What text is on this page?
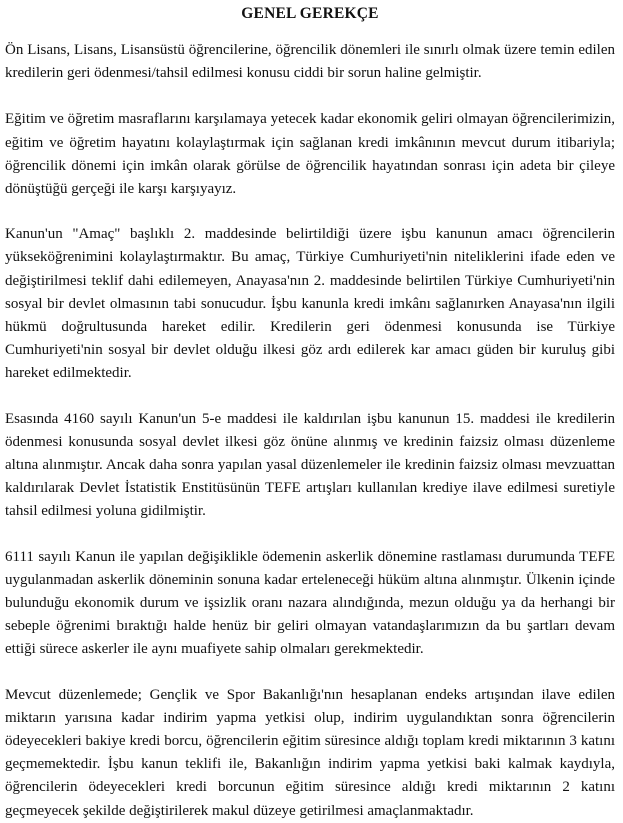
GENEL GEREKÇE

Ön Lisans, Lisans, Lisansüstü öğrencilerine, öğrencilik dönemleri ile sınırlı olmak üzere temin edilen kredilerin geri ödenmesi/tahsil edilmesi konusu ciddi bir sorun haline gelmiştir.

Eğitim ve öğretim masraflarını karşılamaya yetecek kadar ekonomik geliri olmayan öğrencilerimizin, eğitim ve öğretim hayatını kolaylaştırmak için sağlanan kredi imkânının mevcut durum itibariyla; öğrencilik dönemi için imkân olarak görülse de öğrencilik hayatından sonrası için adeta bir çileye dönüştüğü gerçeği ile karşı karşıyayız.

Kanun'un "Amaç" başlıklı 2. maddesinde belirtildiği üzere işbu kanunun amacı öğrencilerin yükseköğrenimini kolaylaştırmaktır. Bu amaç, Türkiye Cumhuriyeti'nin niteliklerini ifade eden ve değiştirilmesi teklif dahi edilemeyen, Anayasa'nın 2. maddesinde belirtilen Türkiye Cumhuriyeti'nin sosyal bir devlet olmasının tabi sonucudur. İşbu kanunla kredi imkânı sağlanırken Anayasa'nın ilgili hükmü doğrultusunda hareket edilir. Kredilerin geri ödenmesi konusunda ise Türkiye Cumhuriyeti'nin sosyal bir devlet olduğu ilkesi göz ardı edilerek kar amacı güden bir kuruluş gibi hareket edilmektedir.

Esasında 4160 sayılı Kanun'un 5-e maddesi ile kaldırılan işbu kanunun 15. maddesi ile kredilerin ödenmesi konusunda sosyal devlet ilkesi göz önüne alınmış ve kredinin faizsiz olması düzenleme altına alınmıştır. Ancak daha sonra yapılan yasal düzenlemeler ile kredinin faizsiz olması mevzuattan kaldırılarak Devlet İstatistik Enstitüsünün TEFE artışları kullanılan krediye ilave edilmesi suretiyle tahsil edilmesi yoluna gidilmiştir.

6111 sayılı Kanun ile yapılan değişiklikle ödemenin askerlik dönemine rastlaması durumunda TEFE uygulanmadan askerlik döneminin sonuna kadar erteleneceği hüküm altına alınmıştır. Ülkenin içinde bulunduğu ekonomik durum ve işsizlik oranı nazara alındığında, mezun olduğu ya da herhangi bir sebeple öğrenimi bıraktığı halde henüz bir geliri olmayan vatandaşlarımızın da bu şartları devam ettiği sürece askerler ile aynı muafiyete sahip olmaları gerekmektedir.

Mevcut düzenlemede; Gençlik ve Spor Bakanlığı'nın hesaplanan endeks artışından ilave edilen miktarın yarısına kadar indirim yapma yetkisi olup, indirim uygulandıktan sonra öğrencilerin ödeyecekleri bakiye kredi borcu, öğrencilerin eğitim süresince aldığı toplam kredi miktarının 3 katını geçmemektedir. İşbu kanun teklifi ile, Bakanlığın indirim yapma yetkisi baki kalmak kaydıyla, öğrencilerin ödeyecekleri kredi borcunun eğitim süresince aldığı kredi miktarının 2 katını geçmeyecek şekilde değiştirilerek makul düzeye getirilmesi amaçlanmaktadır.
